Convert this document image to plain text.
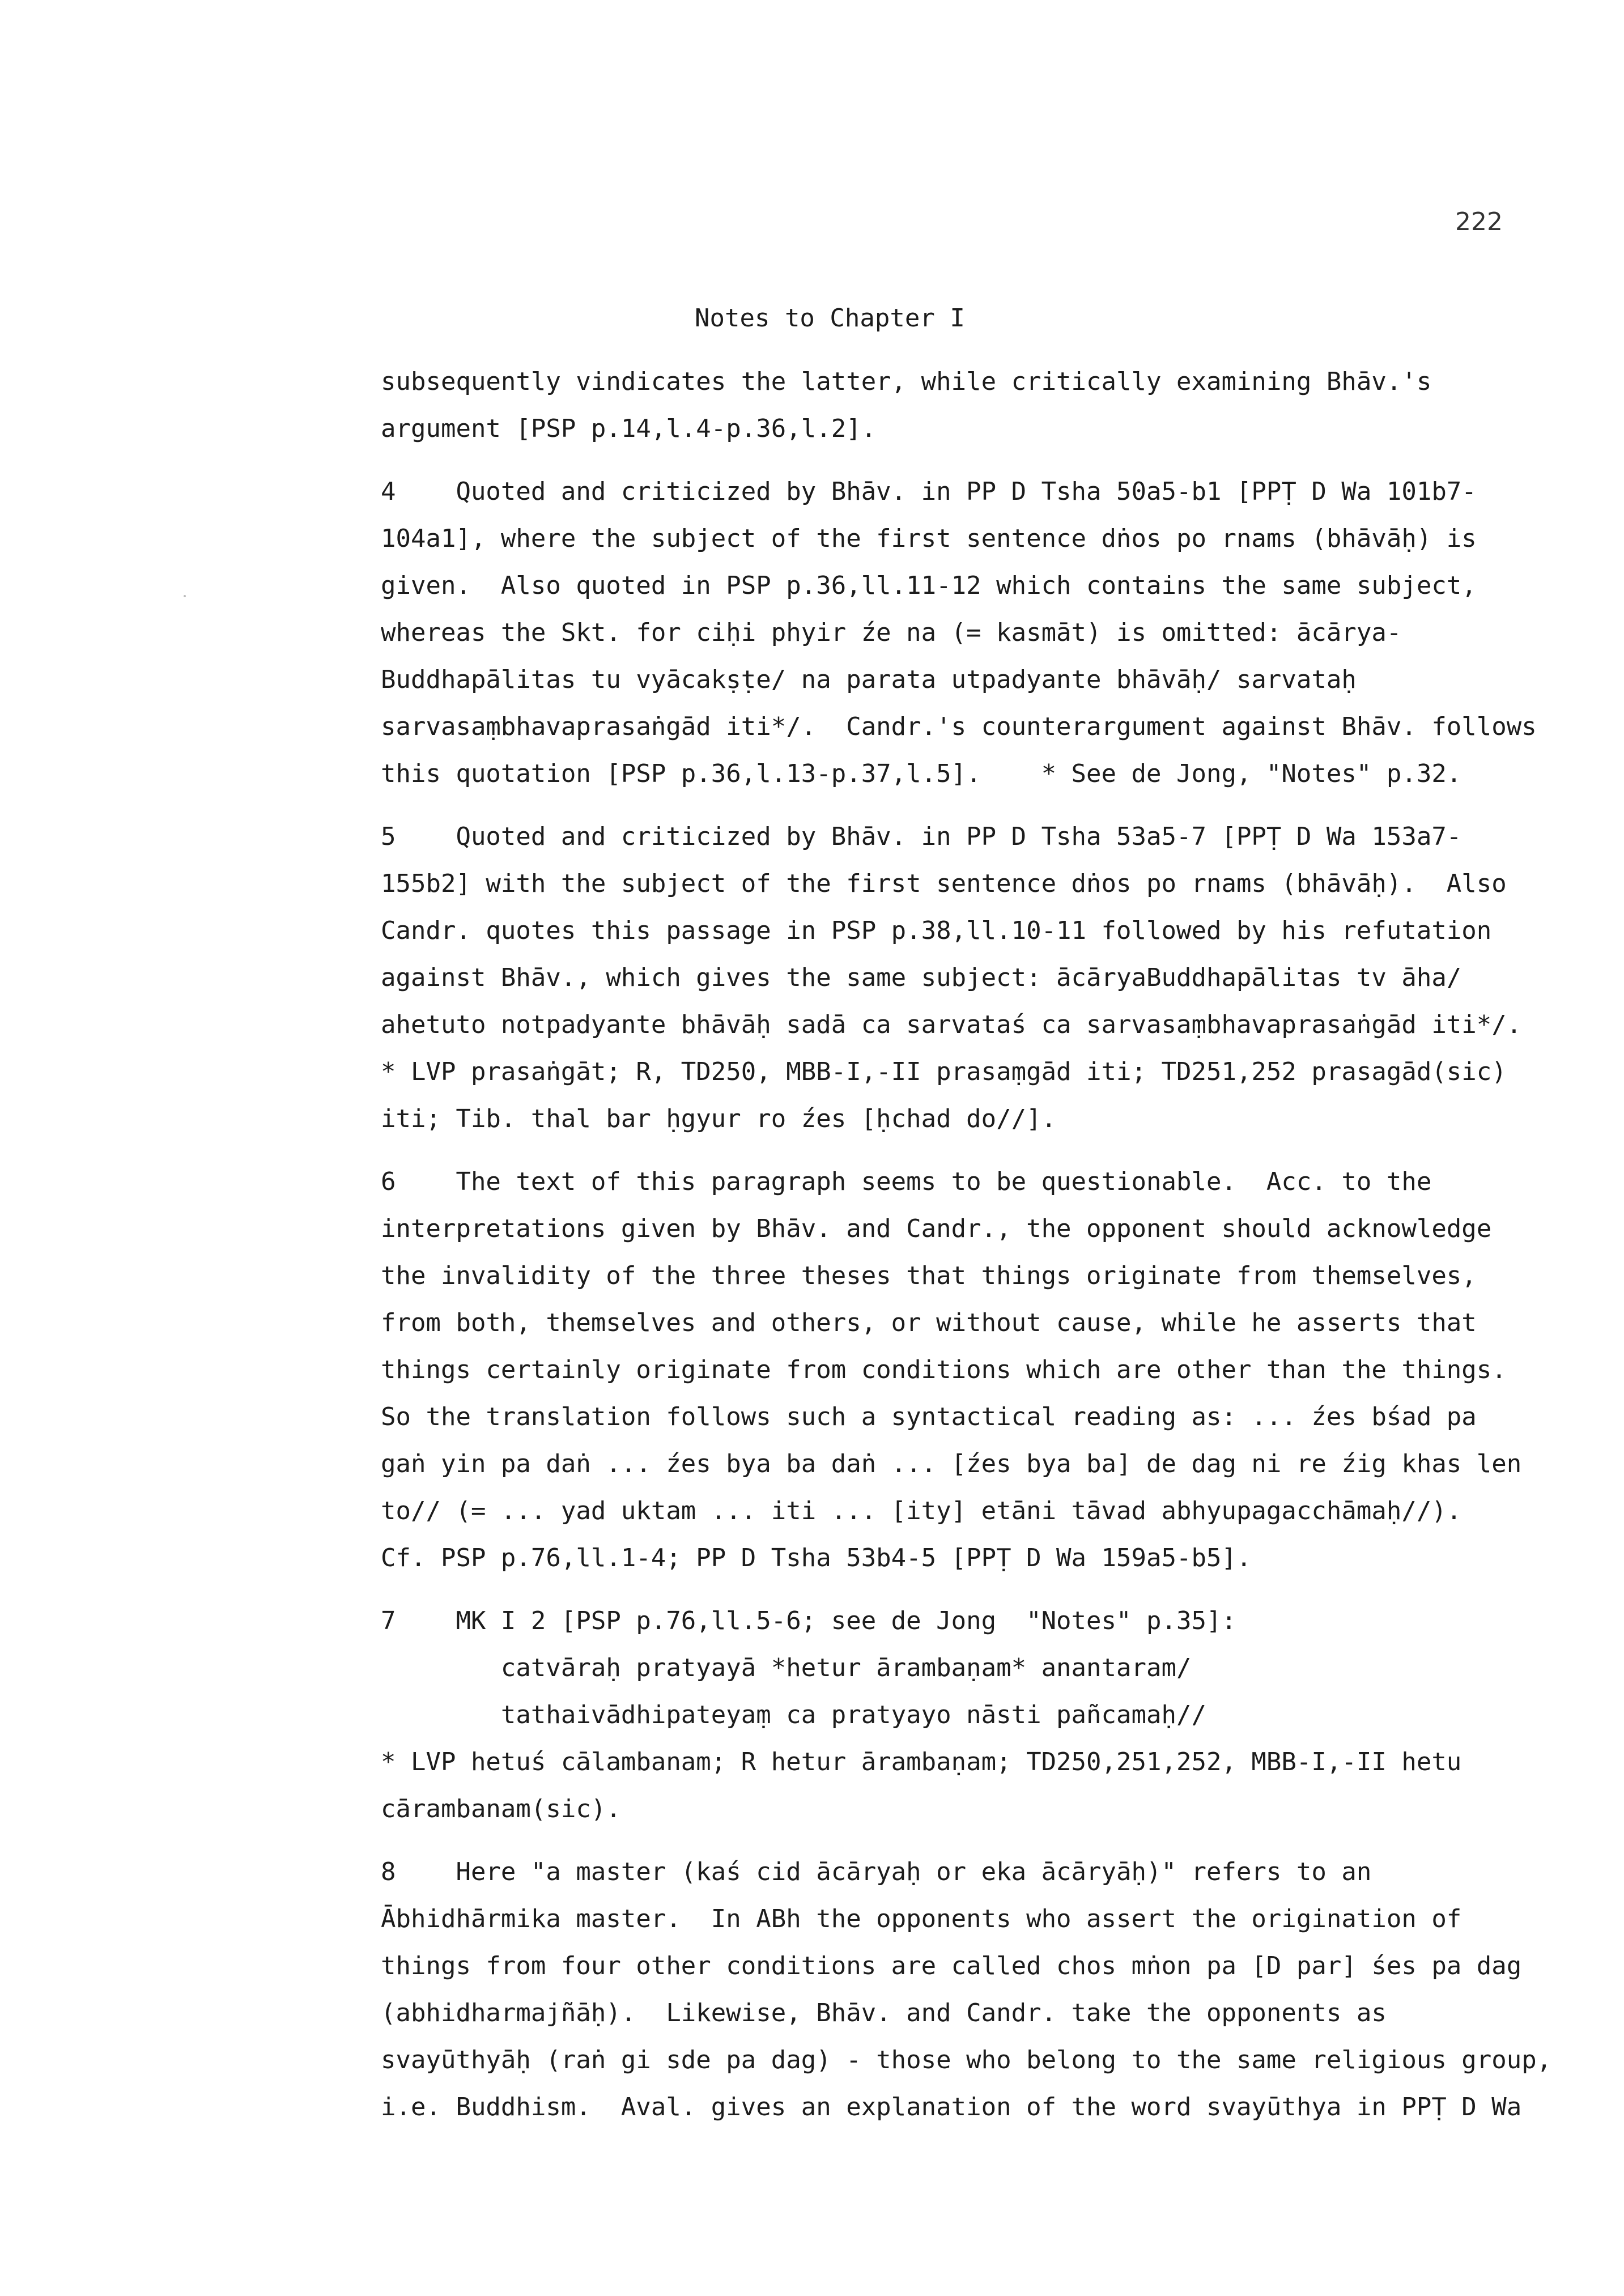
222
Notes to Chapter I
subsequently vindicates the latter, while critically examining Bhāv.'s
argument [PSP p.14,l.4-p.36,l.2].
4    Quoted and criticized by Bhāv. in PP D Tsha 50a5-b1 [PPṬ D Wa 101b7-
104a1], where the subject of the first sentence dṅos po rnams (bhāvāḥ) is
given.  Also quoted in PSP p.36,ll.11-12 which contains the same subject,
whereas the Skt. for ciḥi phyir źe na (= kasmāt) is omitted: ācārya-
Buddhapālitas tu vyācakṣṭe/ na parata utpadyante bhāvāḥ/ sarvataḥ
sarvasaṃbhavaprasaṅgād iti*/.  Candr.'s counterargument against Bhāv. follows
this quotation [PSP p.36,l.13-p.37,l.5].    * See de Jong, "Notes" p.32.
5    Quoted and criticized by Bhāv. in PP D Tsha 53a5-7 [PPṬ D Wa 153a7-
155b2] with the subject of the first sentence dṅos po rnams (bhāvāḥ).  Also
Candr. quotes this passage in PSP p.38,ll.10-11 followed by his refutation
against Bhāv., which gives the same subject: ācāryaBuddhapālitas tv āha/
ahetuto notpadyante bhāvāḥ sadā ca sarvataś ca sarvasaṃbhavaprasaṅgād iti*/.
* LVP prasaṅgāt; R, TD250, MBB-I,-II prasaṃgād iti; TD251,252 prasagād(sic)
iti; Tib. thal bar ḥgyur ro źes [ḥchad do//].
6    The text of this paragraph seems to be questionable.  Acc. to the
interpretations given by Bhāv. and Candr., the opponent should acknowledge
the invalidity of the three theses that things originate from themselves,
from both, themselves and others, or without cause, while he asserts that
things certainly originate from conditions which are other than the things.
So the translation follows such a syntactical reading as: ... źes bśad pa
gaṅ yin pa daṅ ... źes bya ba daṅ ... [źes bya ba] de dag ni re źig khas len
to// (= ... yad uktam ... iti ... [ity] etāni tāvad abhyupagacchāmaḥ//).
Cf. PSP p.76,ll.1-4; PP D Tsha 53b4-5 [PPṬ D Wa 159a5-b5].
7    MK I 2 [PSP p.76,ll.5-6; see de Jong  "Notes" p.35]:
catvāraḥ pratyayā *hetur ārambaṇam* anantaram/
tathaivādhipateyaṃ ca pratyayo nāsti pañcamaḥ//
* LVP hetuś cālambanam; R hetur ārambaṇam; TD250,251,252, MBB-I,-II hetu
cārambanam(sic).
8    Here "a master (kaś cid ācāryaḥ or eka ācāryāḥ)" refers to an
Ābhidhārmika master.  In ABh the opponents who assert the origination of
things from four other conditions are called chos mṅon pa [D par] śes pa dag
(abhidharmajñāḥ).  Likewise, Bhāv. and Candr. take the opponents as
svayūthyāḥ (raṅ gi sde pa dag) - those who belong to the same religious group,
i.e. Buddhism.  Aval. gives an explanation of the word svayūthya in PPṬ D Wa
